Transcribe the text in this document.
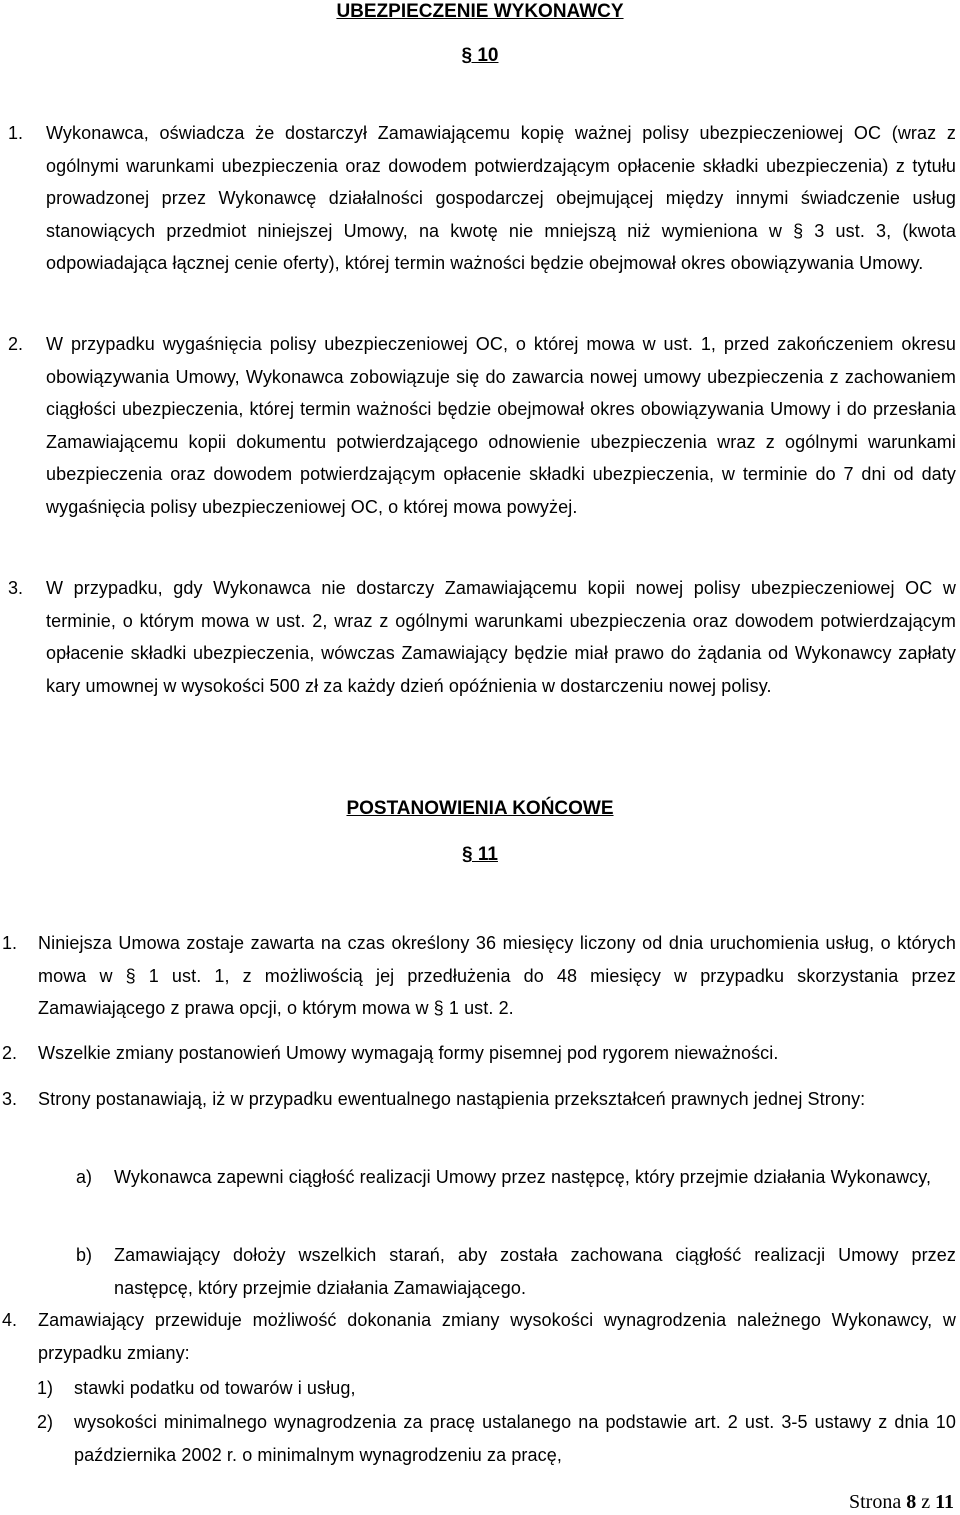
UBEZPIECZENIE WYKONAWCY
§ 10
1. Wykonawca, oświadcza że dostarczył Zamawiającemu kopię ważnej polisy ubezpieczeniowej OC (wraz z ogólnymi warunkami ubezpieczenia oraz dowodem potwierdzającym opłacenie składki ubezpieczenia) z tytułu prowadzonej przez Wykonawcę działalności gospodarczej obejmującej między innymi świadczenie usług stanowiących przedmiot niniejszej Umowy, na kwotę nie mniejszą niż wymieniona w § 3 ust. 3, (kwota odpowiadająca łącznej cenie oferty), której termin ważności będzie obejmował okres obowiązywania Umowy.
2. W przypadku wygaśnięcia polisy ubezpieczeniowej OC, o której mowa w ust. 1, przed zakończeniem okresu obowiązywania Umowy, Wykonawca zobowiązuje się do zawarcia nowej umowy ubezpieczenia z zachowaniem ciągłości ubezpieczenia, której termin ważności będzie obejmował okres obowiązywania Umowy i do przesłania Zamawiającemu kopii dokumentu potwierdzającego odnowienie ubezpieczenia wraz z ogólnymi warunkami ubezpieczenia oraz dowodem potwierdzającym opłacenie składki ubezpieczenia, w terminie do 7 dni od daty wygaśnięcia polisy ubezpieczeniowej OC, o której mowa powyżej.
3. W przypadku, gdy Wykonawca nie dostarczy Zamawiającemu kopii nowej polisy ubezpieczeniowej OC w terminie, o którym mowa w ust. 2, wraz z ogólnymi warunkami ubezpieczenia oraz dowodem potwierdzającym opłacenie składki ubezpieczenia, wówczas Zamawiający będzie miał prawo do żądania od Wykonawcy zapłaty kary umownej w wysokości 500 zł za każdy dzień opóźnienia w dostarczeniu nowej polisy.
POSTANOWIENIA KOŃCOWE
§ 11
1. Niniejsza Umowa zostaje zawarta na czas określony 36 miesięcy liczony od dnia uruchomienia usług, o których mowa w § 1 ust. 1, z możliwością jej przedłużenia do 48 miesięcy w przypadku skorzystania przez Zamawiającego z prawa opcji, o którym mowa w § 1 ust. 2.
2. Wszelkie zmiany postanowień Umowy wymagają formy pisemnej pod rygorem nieważności.
3. Strony postanawiają, iż w przypadku ewentualnego nastąpienia przekształceń prawnych jednej Strony:
a) Wykonawca zapewni ciągłość realizacji Umowy przez następcę, który przejmie działania Wykonawcy,
b) Zamawiający dołoży wszelkich starań, aby została zachowana ciągłość realizacji Umowy przez następcę, który przejmie działania Zamawiającego.
4. Zamawiający przewiduje możliwość dokonania zmiany wysokości wynagrodzenia należnego Wykonawcy, w przypadku zmiany:
1) stawki podatku od towarów i usług,
2) wysokości minimalnego wynagrodzenia za pracę ustalanego na podstawie art. 2 ust. 3-5 ustawy z dnia 10 października 2002 r. o minimalnym wynagrodzeniu za pracę,
Strona 8 z 11
